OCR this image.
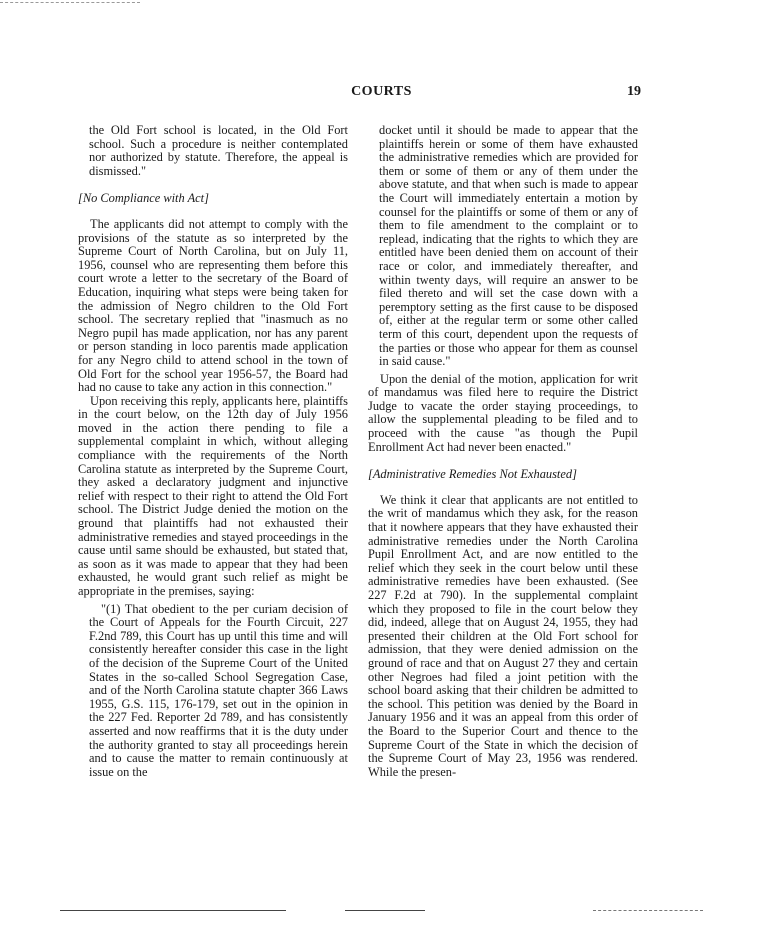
COURTS	19

the Old Fort school is located, in the Old Fort school. Such a procedure is neither contemplated nor authorized by statute. Therefore, the appeal is dismissed."

[No Compliance with Act]

The applicants did not attempt to comply with the provisions of the statute as so interpreted by the Supreme Court of North Carolina, but on July 11, 1956, counsel who are representing them before this court wrote a letter to the secretary of the Board of Education, inquiring what steps were being taken for the admission of Negro children to the Old Fort school. The secretary replied that "inasmuch as no Negro pupil has made application, nor has any parent or person standing in loco parentis made application for any Negro child to attend school in the town of Old Fort for the school year 1956-57, the Board had had no cause to take any action in this connection."

Upon receiving this reply, applicants here, plaintiffs in the court below, on the 12th day of July 1956 moved in the action there pending to file a supplemental complaint in which, without alleging compliance with the requirements of the North Carolina statute as interpreted by the Supreme Court, they asked a declaratory judgment and injunctive relief with respect to their right to attend the Old Fort school. The District Judge denied the motion on the ground that plaintiffs had not exhausted their administrative remedies and stayed proceedings in the cause until same should be exhausted, but stated that, as soon as it was made to appear that they had been exhausted, he would grant such relief as might be appropriate in the premises, saying:

"(1) That obedient to the per curiam decision of the Court of Appeals for the Fourth Circuit, 227 F.2nd 789, this Court has up until this time and will consistently hereafter consider this case in the light of the decision of the Supreme Court of the United States in the so-called School Segregation Case, and of the North Carolina statute chapter 366 Laws 1955, G.S. 115, 176-179, set out in the opinion in the 227 Fed. Reporter 2d 789, and has consistently asserted and now reaffirms that it is the duty under the authority granted to stay all proceedings herein and to cause the matter to remain continuously at issue on the

docket until it should be made to appear that the plaintiffs herein or some of them have exhausted the administrative remedies which are provided for them or some of them or any of them under the above statute, and that when such is made to appear the Court will immediately entertain a motion by counsel for the plaintiffs or some of them or any of them to file amendment to the complaint or to replead, indicating that the rights to which they are entitled have been denied them on account of their race or color, and immediately thereafter, and within twenty days, will require an answer to be filed thereto and will set the case down with a peremptory setting as the first cause to be disposed of, either at the regular term or some other called term of this court, dependent upon the requests of the parties or those who appear for them as counsel in said cause."

Upon the denial of the motion, application for writ of mandamus was filed here to require the District Judge to vacate the order staying proceedings, to allow the supplemental pleading to be filed and to proceed with the cause "as though the Pupil Enrollment Act had never been enacted."

[Administrative Remedies Not Exhausted]

We think it clear that applicants are not entitled to the writ of mandamus which they ask, for the reason that it nowhere appears that they have exhausted their administrative remedies under the North Carolina Pupil Enrollment Act, and are now entitled to the relief which they seek in the court below until these administrative remedies have been exhausted. (See 227 F.2d at 790). In the supplemental complaint which they proposed to file in the court below they did, indeed, allege that on August 24, 1955, they had presented their children at the Old Fort school for admission, that they were denied admission on the ground of race and that on August 27 they and certain other Negroes had filed a joint petition with the school board asking that their children be admitted to the school. This petition was denied by the Board in January 1956 and it was an appeal from this order of the Board to the Superior Court and thence to the Supreme Court of the State in which the decision of the Supreme Court of May 23, 1956 was rendered. While the presen-
